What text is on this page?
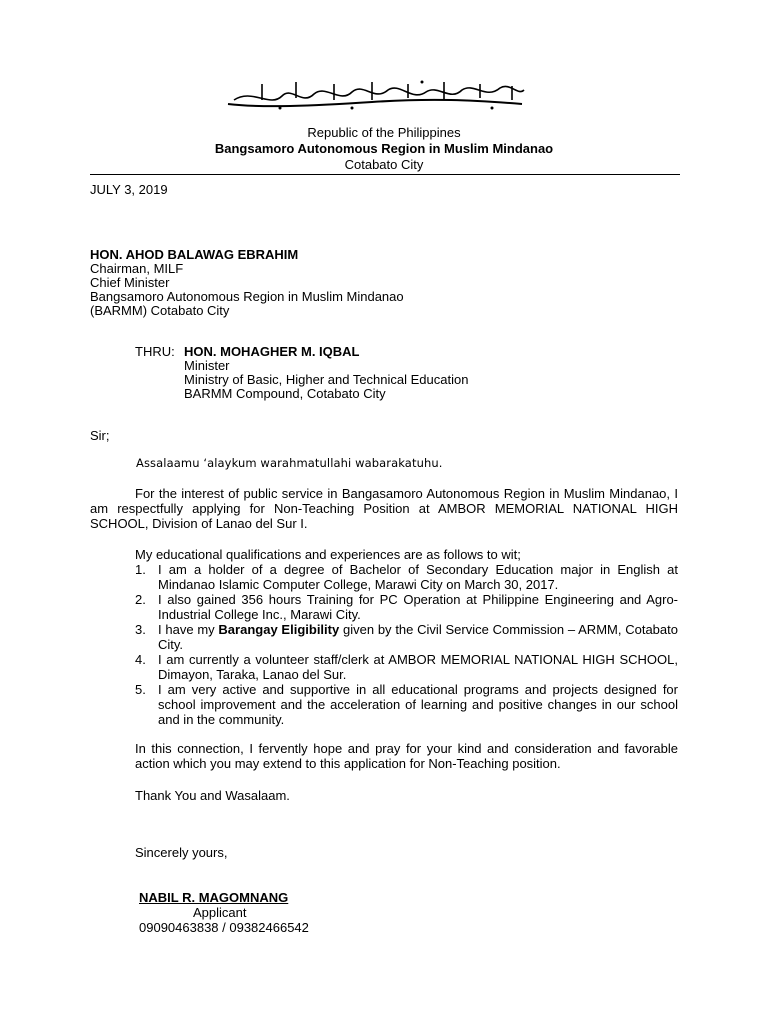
Republic of the Philippines
Bangsamoro Autonomous Region in Muslim Mindanao
Cotabato City
JULY 3, 2019
HON. AHOD BALAWAG EBRAHIM
Chairman, MILF
Chief Minister
Bangsamoro Autonomous Region in Muslim Mindanao
(BARMM) Cotabato City
THRU: HON. MOHAGHER M. IQBAL
Minister
Ministry of Basic, Higher and Technical Education
BARMM Compound, Cotabato City
Sir;
Assalaamu ‘alaykum warahmatullahi wabarakatuhu.

For the interest of public service in Bangasamoro Autonomous Region in Muslim Mindanao, I am respectfully applying for Non-Teaching Position at AMBOR MEMORIAL NATIONAL HIGH SCHOOL, Division of Lanao del Sur I.

My educational qualifications and experiences are as follows to wit;

1. I am a holder of a degree of Bachelor of Secondary Education major in English at Mindanao Islamic Computer College, Marawi City on March 30, 2017.
2. I also gained 356 hours Training for PC Operation at Philippine Engineering and Agro-Industrial College Inc., Marawi City.
3. I have my Barangay Eligibility given by the Civil Service Commission – ARMM, Cotabato City.
4. I am currently a volunteer staff/clerk at AMBOR MEMORIAL NATIONAL HIGH SCHOOL, Dimayon, Taraka, Lanao del Sur.
5. I am very active and supportive in all educational programs and projects designed for school improvement and the acceleration of learning and positive changes in our school and in the community.

In this connection, I fervently hope and pray for your kind and consideration and favorable action which you may extend to this application for Non-Teaching position.

Thank You and Wasalaam.

Sincerely yours,
NABIL R. MAGOMNANG
Applicant
09090463838 / 09382466542
